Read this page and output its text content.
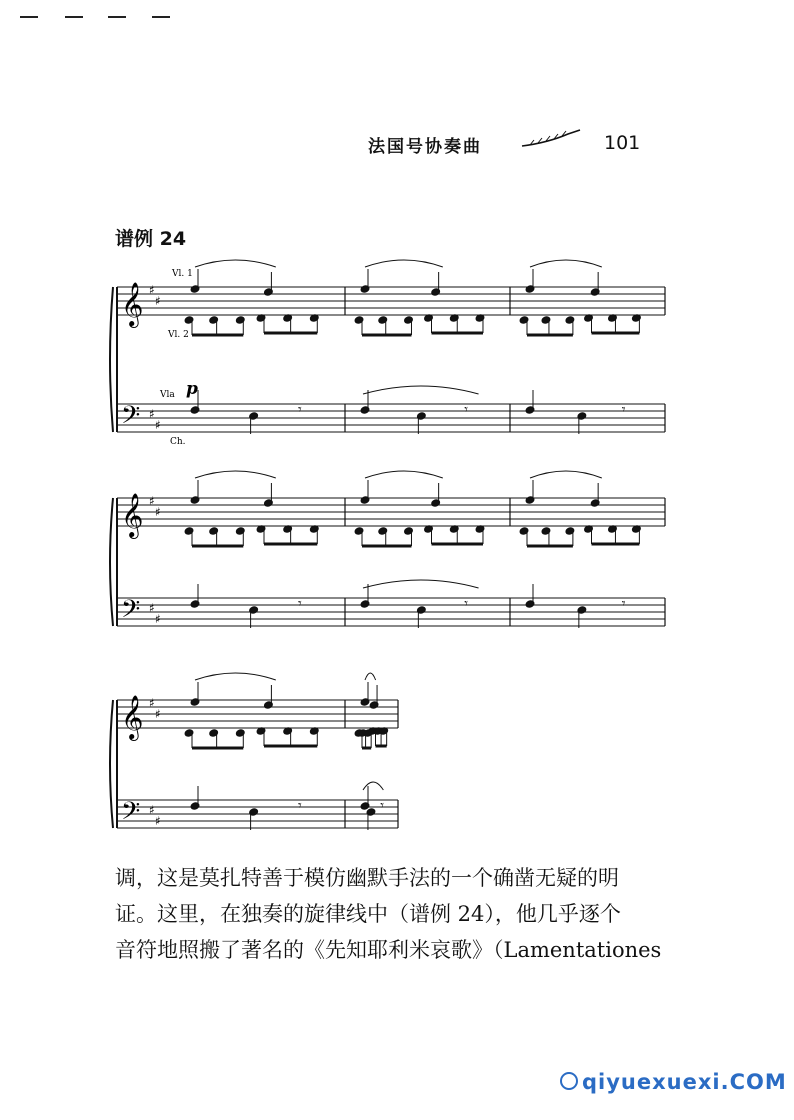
法国号协奏曲	101
谱例 24
Vl. 1
Vl. 2
Vla
Ch.
p
𝄞
𝄢
♯
♯
♯
♯
𝄾	𝄾	𝄾
𝄞
𝄢
♯
♯
♯
♯
𝄾	𝄾	𝄾
𝄞
𝄢
♯
♯
♯
♯
𝄾	𝄾

调，这是莫扎特善于模仿幽默手法的一个确凿无疑的明

证。这里，在独奏的旋律线中（谱例 24），他几乎逐个

音符地照搬了著名的《先知耶利米哀歌》（Lamentationes

qiyuexuexi.COM
